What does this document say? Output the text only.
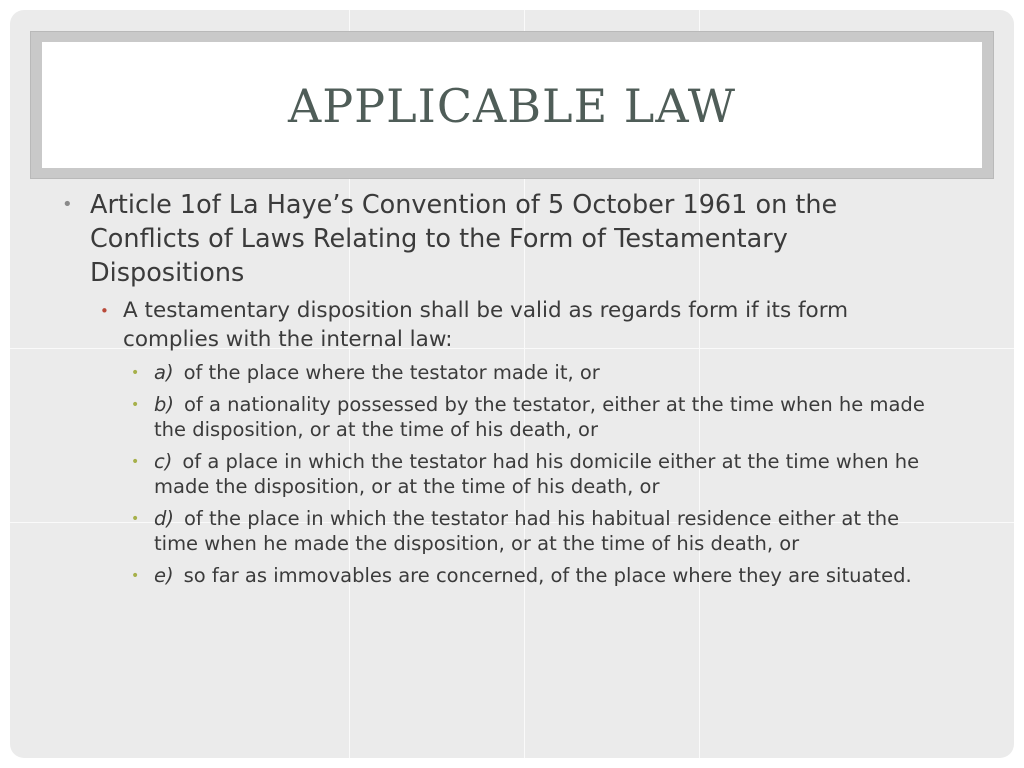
APPLICABLE LAW
• Article 1of La Haye’s Convention of 5 October 1961 on the Conflicts of Laws Relating to the Form of Testamentary Dispositions
• A testamentary disposition shall be valid as regards form if its form complies with the internal law:
• a) of the place where the testator made it, or
• b) of a nationality possessed by the testator, either at the time when he made the disposition, or at the time of his death, or
• c) of a place in which the testator had his domicile either at the time when he made the disposition, or at the time of his death, or
• d) of the place in which the testator had his habitual residence either at the time when he made the disposition, or at the time of his death, or
• e) so far as immovables are concerned, of the place where they are situated.
